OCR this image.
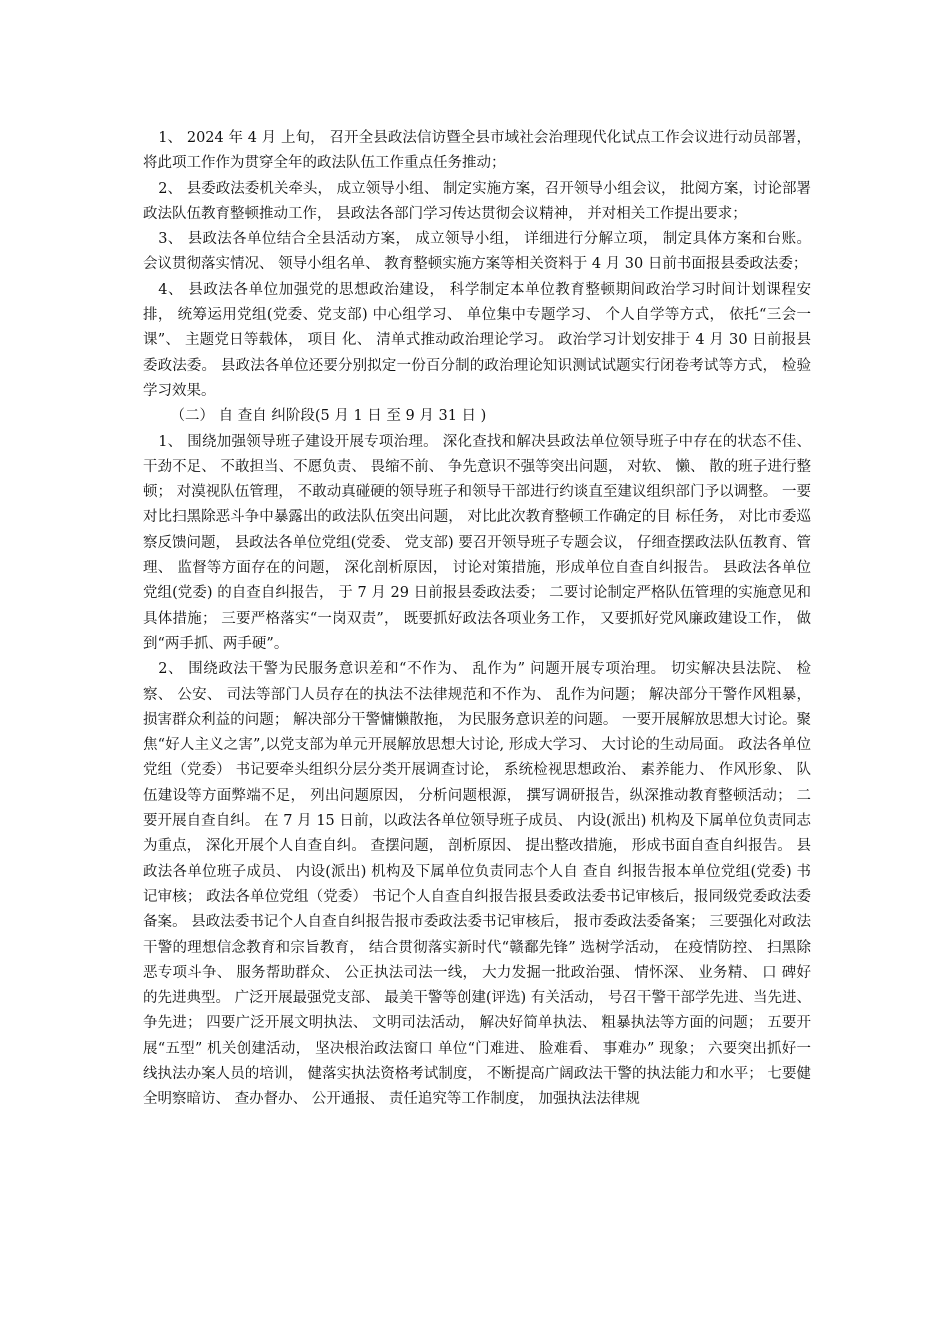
1、 2024 年 4 月 上旬， 召开全县政法信访暨全县市域社会治理现代化试点工作会议进行动员部署， 将此项工作作为贯穿全年的政法队伍工作重点任务推动；

2、 县委政法委机关牵头， 成立领导小组、 制定实施方案，召开领导小组会议， 批阅方案，讨论部署政法队伍教育整顿推动工作， 县政法各部门学习传达贯彻会议精神， 并对相关工作提出要求；

3、 县政法各单位结合全县活动方案， 成立领导小组， 详细进行分解立项， 制定具体方案和台账。 会议贯彻落实情况、 领导小组名单、 教育整顿实施方案等相关资料于 4 月 30 日前书面报县委政法委；

4、 县政法各单位加强党的思想政治建设， 科学制定本单位教育整顿期间政治学习时间计划课程安排， 统筹运用党组(党委、党支部) 中心组学习、 单位集中专题学习、 个人自学等方式， 依托“三会一课”、 主题党日等载体， 项目 化、 清单式推动政治理论学习。 政治学习计划安排于 4 月 30 日前报县委政法委。 县政法各单位还要分别拟定一份百分制的政治理论知识测试试题实行闭卷考试等方式， 检验学习效果。

（二） 自 查自 纠阶段(5 月 1 日 至 9 月 31 日 )

1、 围绕加强领导班子建设开展专项治理。 深化查找和解决县政法单位领导班子中存在的状态不佳、 干劲不足、 不敢担当、不愿负责、 畏缩不前、 争先意识不强等突出问题， 对软、 懒、 散的班子进行整顿； 对漠视队伍管理， 不敢动真碰硬的领导班子和领导干部进行约谈直至建议组织部门予以调整。 一要对比扫黑除恶斗争中暴露出的政法队伍突出问题， 对比此次教育整顿工作确定的目 标任务， 对比市委巡察反馈问题， 县政法各单位党组(党委、 党支部) 要召开领导班子专题会议， 仔细查摆政法队伍教育、管理、 监督等方面存在的问题， 深化剖析原因， 讨论对策措施，形成单位自查自纠报告。 县政法各单位党组(党委) 的自查自纠报告， 于 7 月 29 日前报县委政法委； 二要讨论制定严格队伍管理的实施意见和具体措施； 三要严格落实“一岗双责”， 既要抓好政法各项业务工作， 又要抓好党风廉政建设工作， 做到“两手抓、两手硬”。

2、 围绕政法干警为民服务意识差和“不作为、 乱作为” 问题开展专项治理。 切实解决县法院、 检察、 公安、 司法等部门人员存在的执法不法律规范和不作为、 乱作为问题； 解决部分干警作风粗暴， 损害群众利益的问题； 解决部分干警慵懒散拖， 为民服务意识差的问题。 一要开展解放思想大讨论。聚焦“好人主义之害”,以党支部为单元开展解放思想大讨论, 形成大学习、 大讨论的生动局面。 政法各单位党组（党委） 书记要牵头组织分层分类开展调查讨论， 系统检视思想政治、 素养能力、 作风形象、 队伍建设等方面弊端不足， 列出问题原因， 分析问题根源， 撰写调研报告，纵深推动教育整顿活动； 二要开展自查自纠。 在 7 月 15 日前，以政法各单位领导班子成员、 内设(派出) 机构及下属单位负责同志为重点， 深化开展个人自查自纠。 查摆问题， 剖析原因、 提出整改措施， 形成书面自查自纠报告。 县政法各单位班子成员、 内设(派出) 机构及下属单位负责同志个人自 查自 纠报告报本单位党组(党委) 书记审核； 政法各单位党组（党委） 书记个人自查自纠报告报县委政法委书记审核后，报同级党委政法委备案。 县政法委书记个人自查自纠报告报市委政法委书记审核后， 报市委政法委备案； 三要强化对政法干警的理想信念教育和宗旨教育， 结合贯彻落实新时代“赣鄱先锋” 选树学活动， 在疫情防控、 扫黑除恶专项斗争、 服务帮助群众、 公正执法司法一线， 大力发掘一批政治强、 情怀深、 业务精、 口 碑好的先进典型。 广泛开展最强党支部、 最美干警等创建(评选) 有关活动， 号召干警干部学先进、当先进、 争先进； 四要广泛开展文明执法、 文明司法活动， 解决好简单执法、 粗暴执法等方面的问题； 五要开展“五型” 机关创建活动， 坚决根治政法窗口 单位“门难进、 脸难看、 事难办” 现象； 六要突出抓好一线执法办案人员的培训， 健落实执法资格考试制度， 不断提高广阔政法干警的执法能力和水平； 七要健全明察暗访、 查办督办、 公开通报、 责任追究等工作制度， 加强执法法律规
